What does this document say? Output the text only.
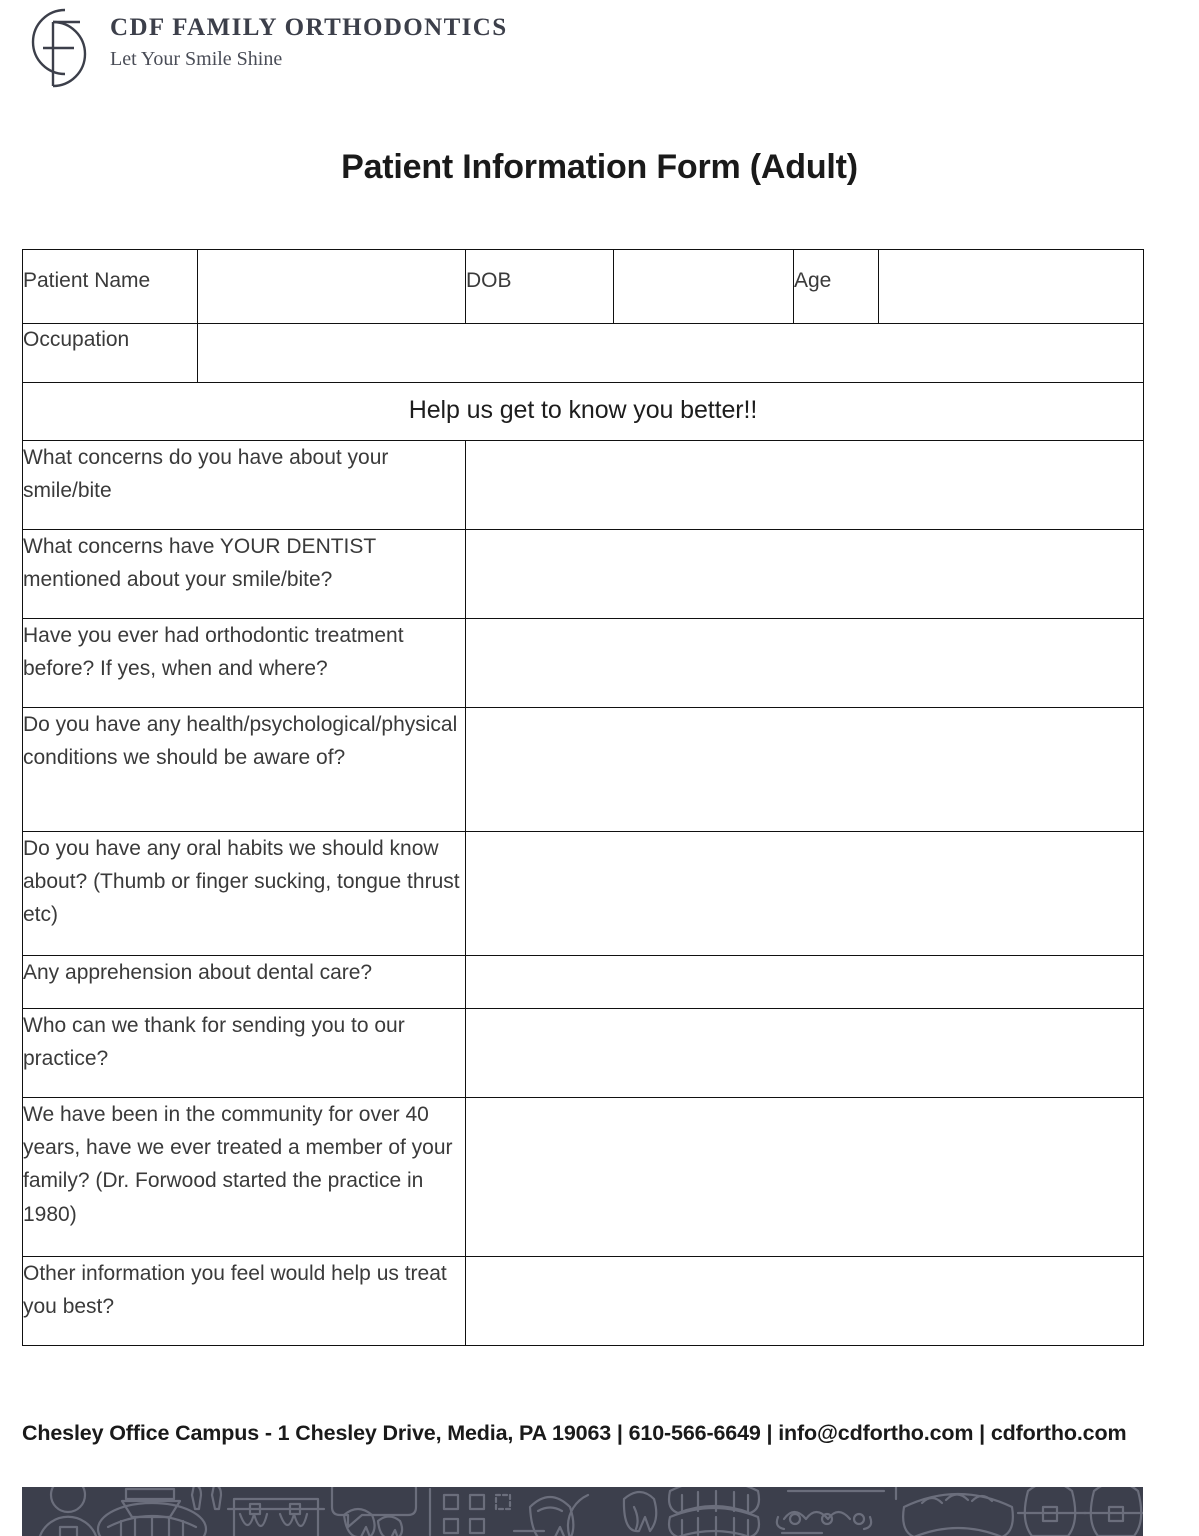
CDF FAMILY ORTHODONTICS
Let Your Smile Shine
Patient Information Form (Adult)
Patient Name		DOB		Age	
Occupation					
Help us get to know you better!!					
What concerns do you have about your smile/bite					
What concerns have YOUR DENTIST mentioned about your smile/bite?					
Have you ever had orthodontic treatment before? If yes, when and where?					
Do you have any health/psychological/physical conditions we should be aware of?					
Do you have any oral habits we should know about? (Thumb or finger sucking, tongue thrust etc)					
Any apprehension about dental care?					
Who can we thank for sending you to our practice?					
We have been in the community for over 40 years, have we ever treated a member of your family? (Dr. Forwood started the practice in 1980)					
Other information you feel would help us treat you best?					
Chesley Office Campus - 1 Chesley Drive, Media, PA 19063 | 610-566-6649 | info@cdfortho.com | cdfortho.com
